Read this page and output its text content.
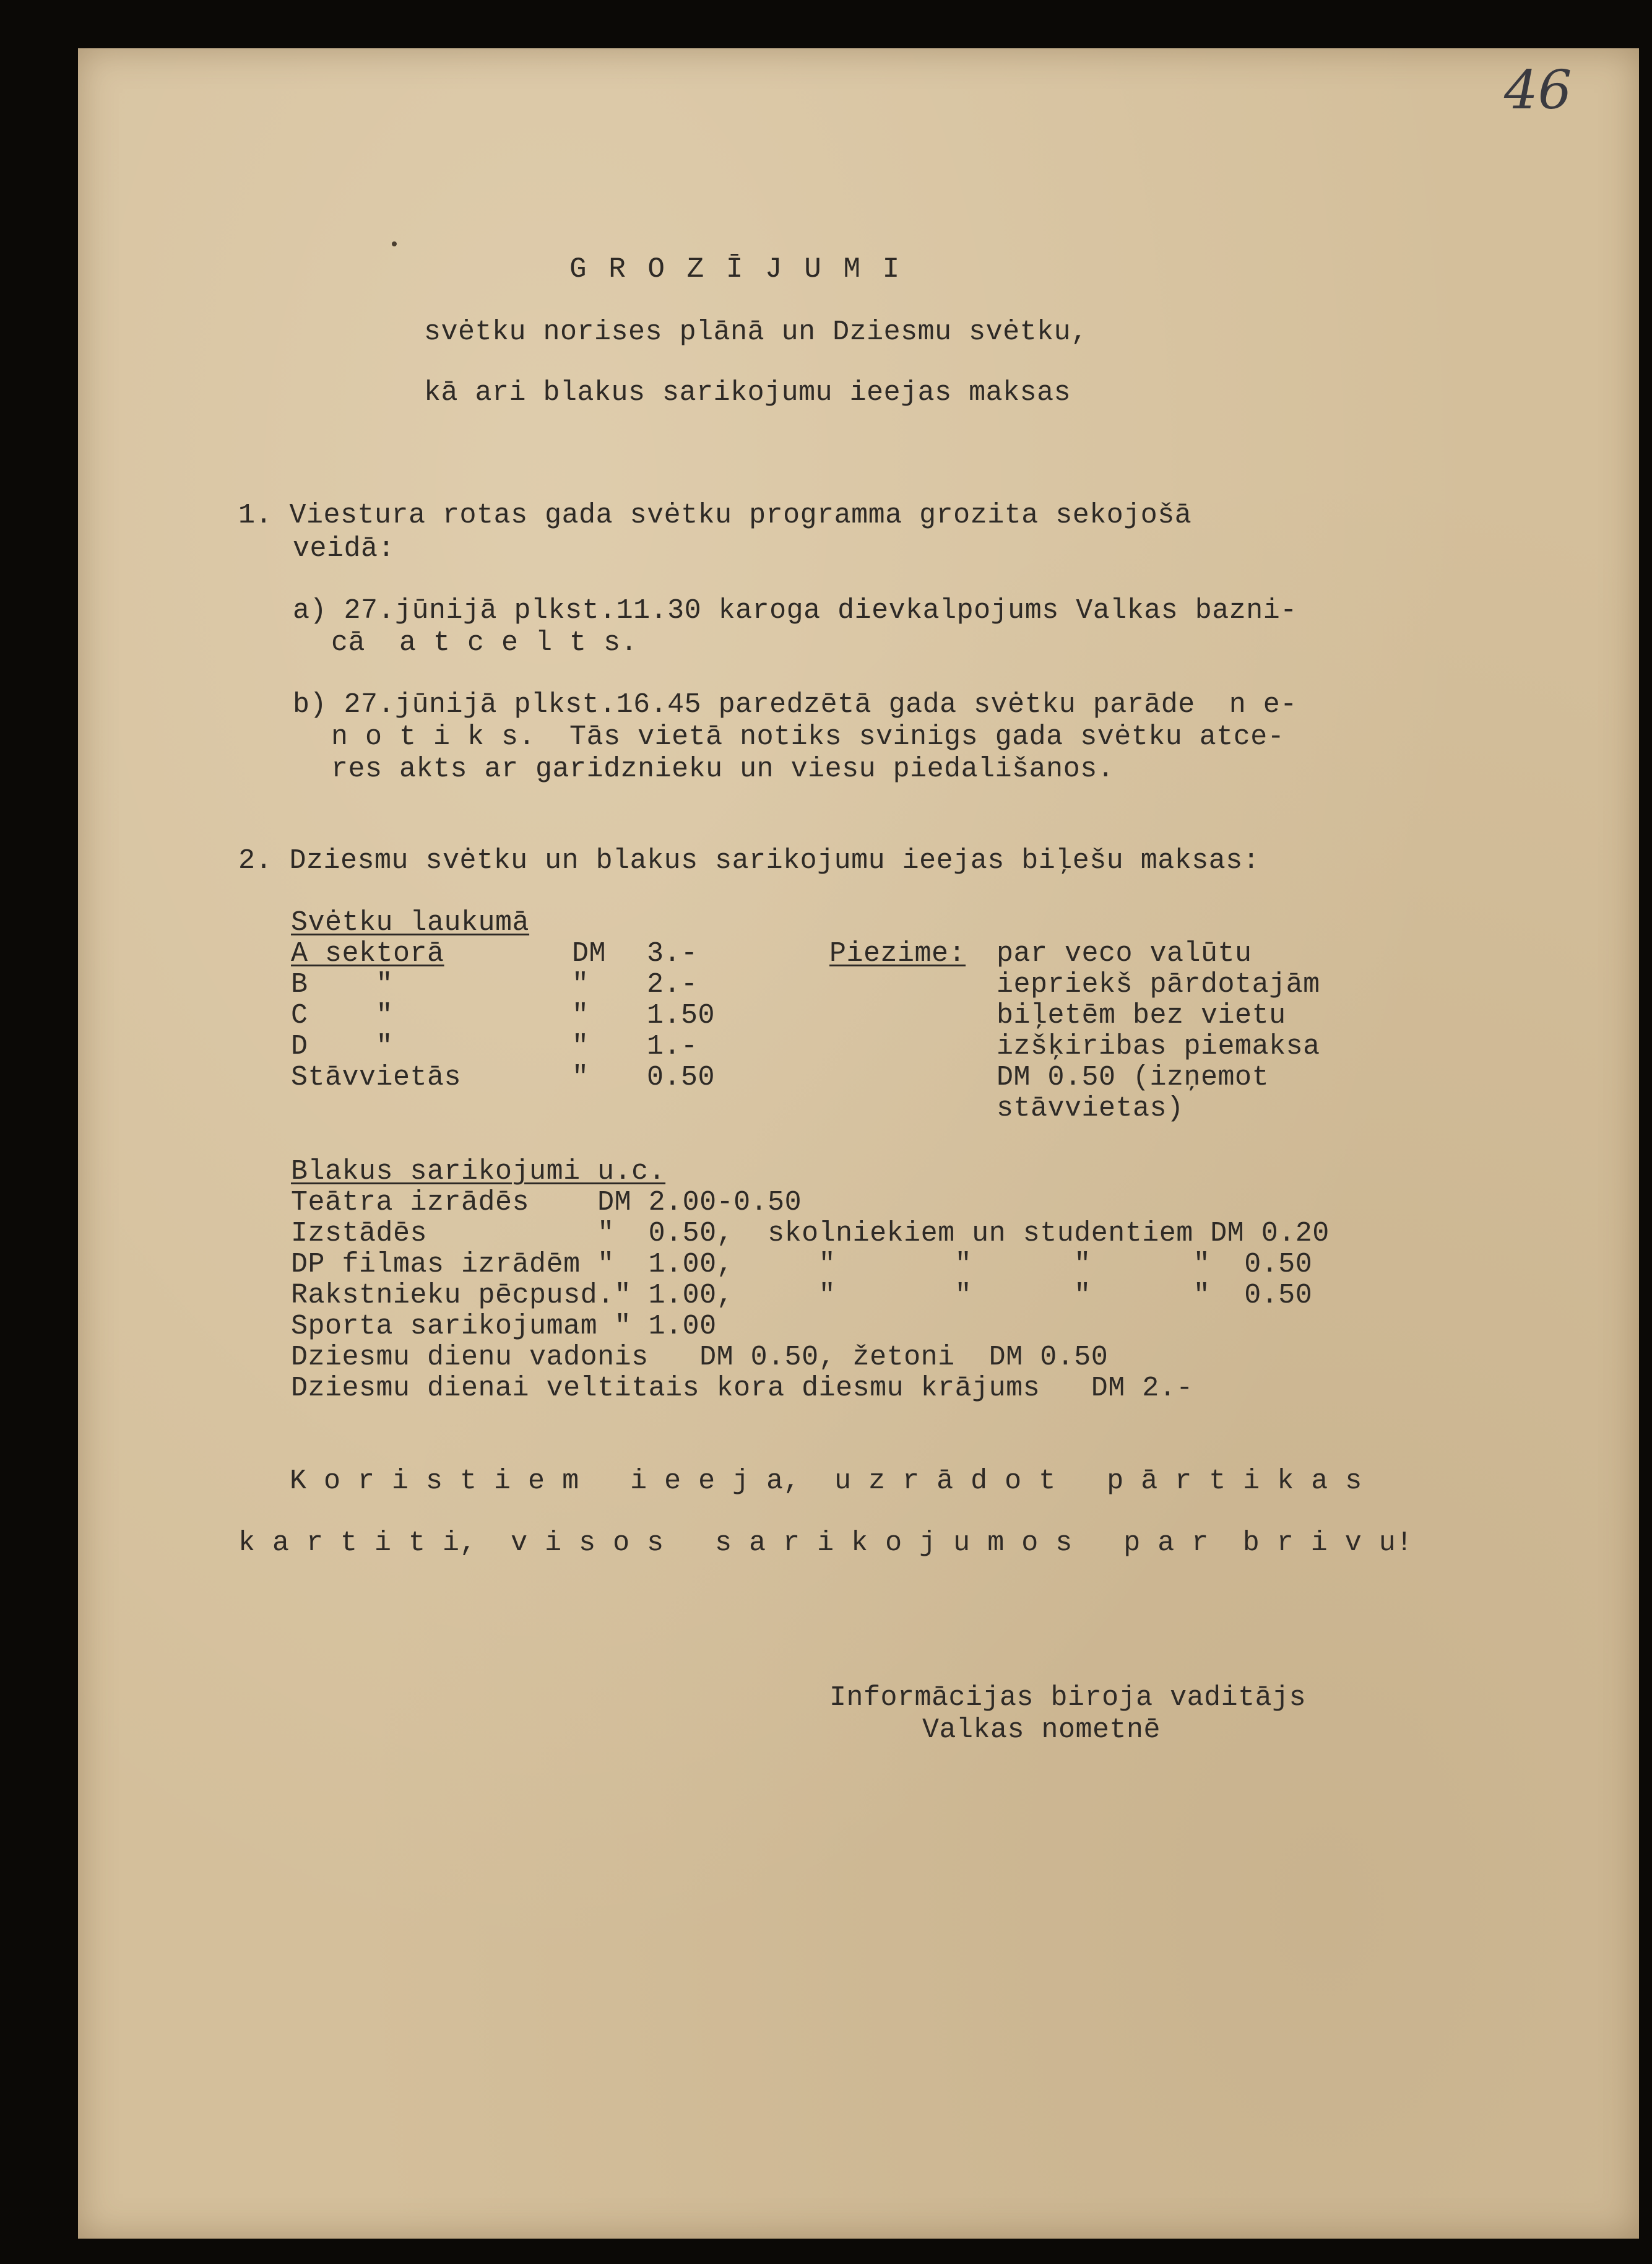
46
G R O Z Ī J U M I
svėtku norises plānā un Dziesmu svėtku,
kā ari blakus sarikojumu ieejas maksas
1. Viestura rotas gada svėtku programma grozita sekojošā
veidā:
a) 27.jūnijā plkst.11.30 karoga dievkalpojums Valkas bazni-
cā  a t c e l t s.
b) 27.jūnijā plkst.16.45 paredzētā gada svėtku parāde  n e-
n o t i k s.  Tās vietā notiks svinigs gada svėtku atce-
res akts ar garidznieku un viesu piedališanos.
2. Dziesmu svėtku un blakus sarikojumu ieejas biļešu maksas:
Svėtku laukumā
A sektorā	DM 3.-
B    "	" 2.-
C    "	" 1.50
D    "	" 1.-
Stāvvietās	" 0.50
Piezime: par veco valūtu
iepriekš pārdotajām
biļetēm bez vietu
izšķiribas piemaksa
DM 0.50 (izņemot
stāvvietas)
Blakus sarikojumi u.c.
Teātra izrādēs    DM 2.00-0.50
Izstādēs          "  0.50,  skolniekiem un studentiem DM 0.20
DP filmas izrādēm "  1.00,     "       "      "      "  0.50
Rakstnieku pēcpusd." 1.00,     "       "      "      "  0.50
Sporta sarikojumam " 1.00
Dziesmu dienu vadonis   DM 0.50, žetoni  DM 0.50
Dziesmu dienai veltitais kora diesmu krājums   DM 2.-
K o r i s t i e m   i e e j a,  u z r ā d o t   p ā r t i k a s
k a r t i t i,  v i s o s   s a r i k o j u m o s   p a r  b r i v u!
Informācijas biroja vaditājs
Valkas nometnē
